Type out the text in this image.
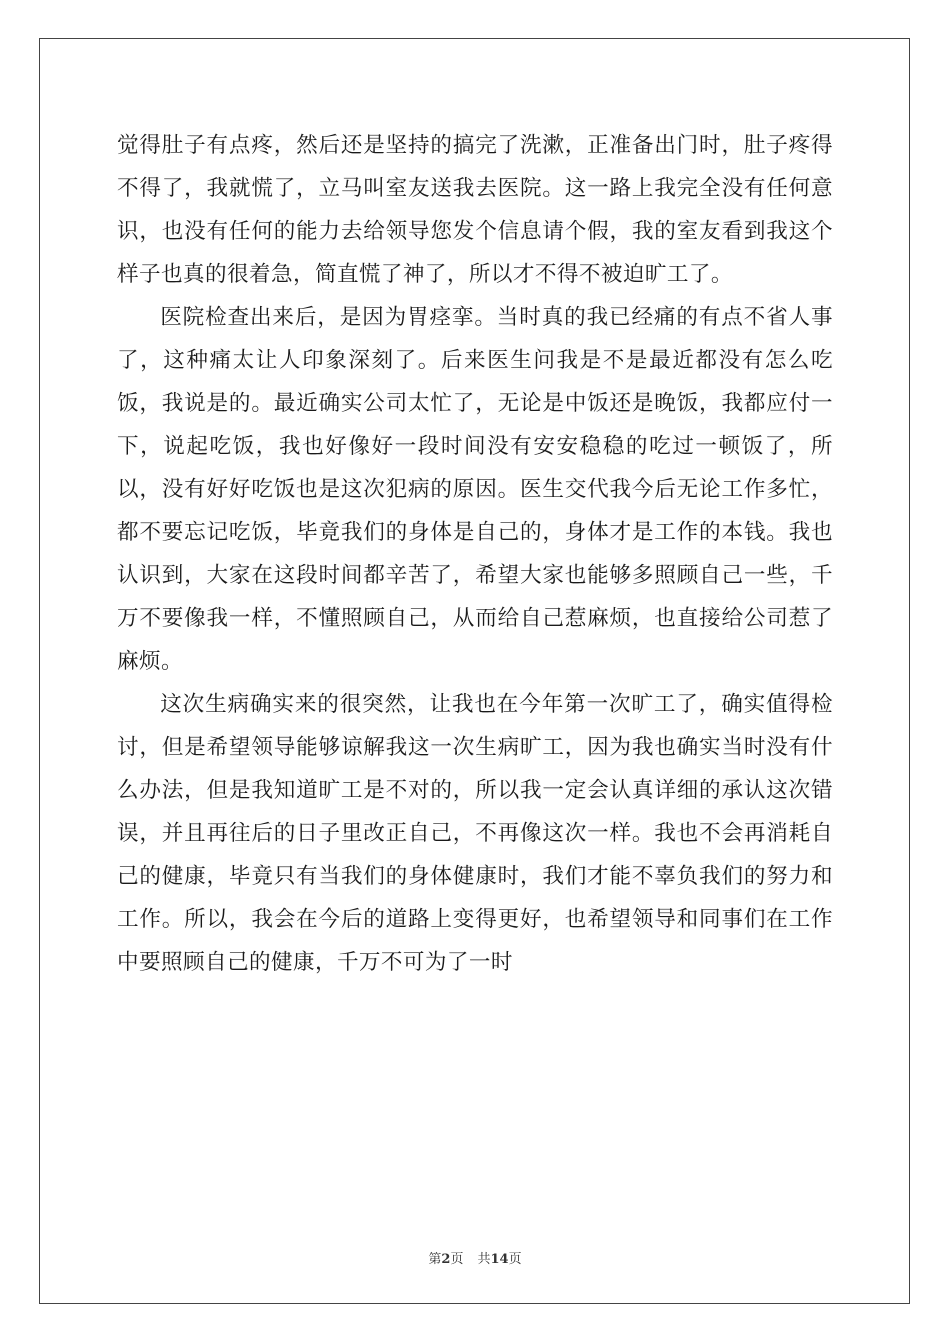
觉得肚子有点疼，然后还是坚持的搞完了洗漱，正准备出门时，肚子疼得不得了，我就慌了，立马叫室友送我去医院。这一路上我完全没有任何意识，也没有任何的能力去给领导您发个信息请个假，我的室友看到我这个样子也真的很着急，简直慌了神了，所以才不得不被迫旷工了。

医院检查出来后，是因为胃痉挛。当时真的我已经痛的有点不省人事了，这种痛太让人印象深刻了。后来医生问我是不是最近都没有怎么吃饭，我说是的。最近确实公司太忙了，无论是中饭还是晚饭，我都应付一下，说起吃饭，我也好像好一段时间没有安安稳稳的吃过一顿饭了，所以，没有好好吃饭也是这次犯病的原因。医生交代我今后无论工作多忙，都不要忘记吃饭，毕竟我们的身体是自己的，身体才是工作的本钱。我也认识到，大家在这段时间都辛苦了，希望大家也能够多照顾自己一些，千万不要像我一样，不懂照顾自己，从而给自己惹麻烦，也直接给公司惹了麻烦。

这次生病确实来的很突然，让我也在今年第一次旷工了，确实值得检讨，但是希望领导能够谅解我这一次生病旷工，因为我也确实当时没有什么办法，但是我知道旷工是不对的，所以我一定会认真详细的承认这次错误，并且再往后的日子里改正自己，不再像这次一样。我也不会再消耗自己的健康，毕竟只有当我们的身体健康时，我们才能不辜负我们的努力和工作。所以，我会在今后的道路上变得更好，也希望领导和同事们在工作中要照顾自己的健康，千万不可为了一时

第2页 共14页
